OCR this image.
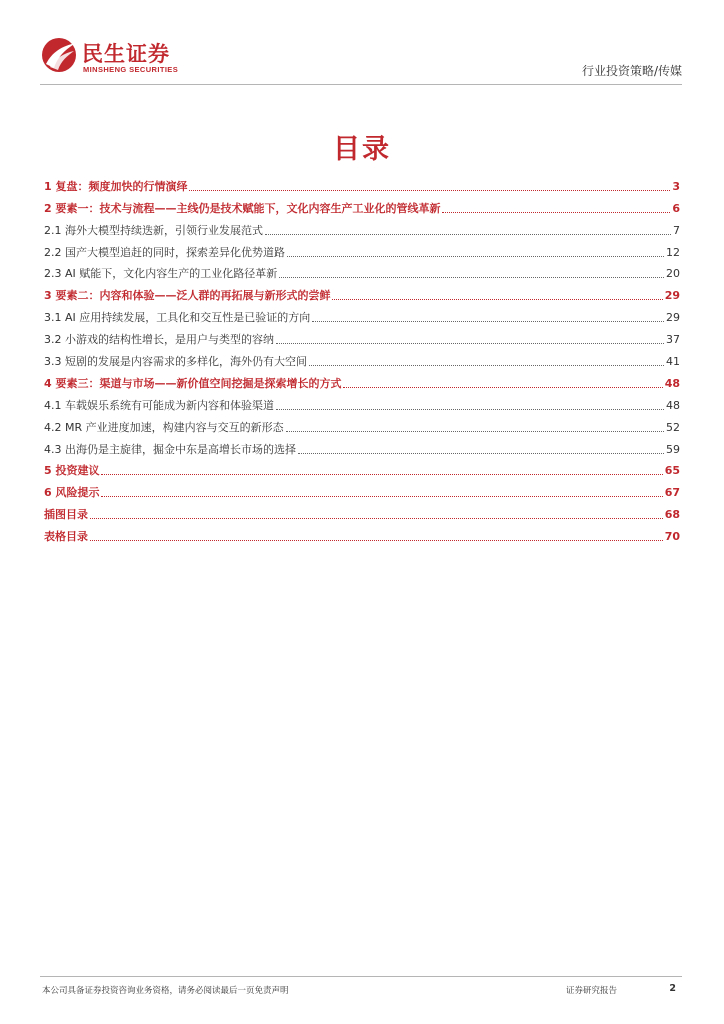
民生证券
MINSHENG SECURITIES	行业投资策略/传媒
目录
1 复盘：频度加快的行情演绎	3
2 要素一：技术与流程——主线仍是技术赋能下，文化内容生产工业化的管线革新	6
2.1 海外大模型持续迭新，引领行业发展范式	7
2.2 国产大模型追赶的同时，探索差异化优势道路	12
2.3 AI 赋能下，文化内容生产的工业化路径革新	20
3 要素二：内容和体验——泛人群的再拓展与新形式的尝鲜	29
3.1 AI 应用持续发展，工具化和交互性是已验证的方向	29
3.2 小游戏的结构性增长，是用户与类型的容纳	37
3.3 短剧的发展是内容需求的多样化，海外仍有大空间	41
4 要素三：渠道与市场——新价值空间挖掘是探索增长的方式	48
4.1 车载娱乐系统有可能成为新内容和体验渠道	48
4.2 MR 产业进度加速，构建内容与交互的新形态	52
4.3 出海仍是主旋律，掘金中东是高增长市场的选择	59
5 投资建议	65
6 风险提示	67
插图目录	68
表格目录	70
本公司具备证券投资咨询业务资格，请务必阅读最后一页免责声明	证券研究报告	2
